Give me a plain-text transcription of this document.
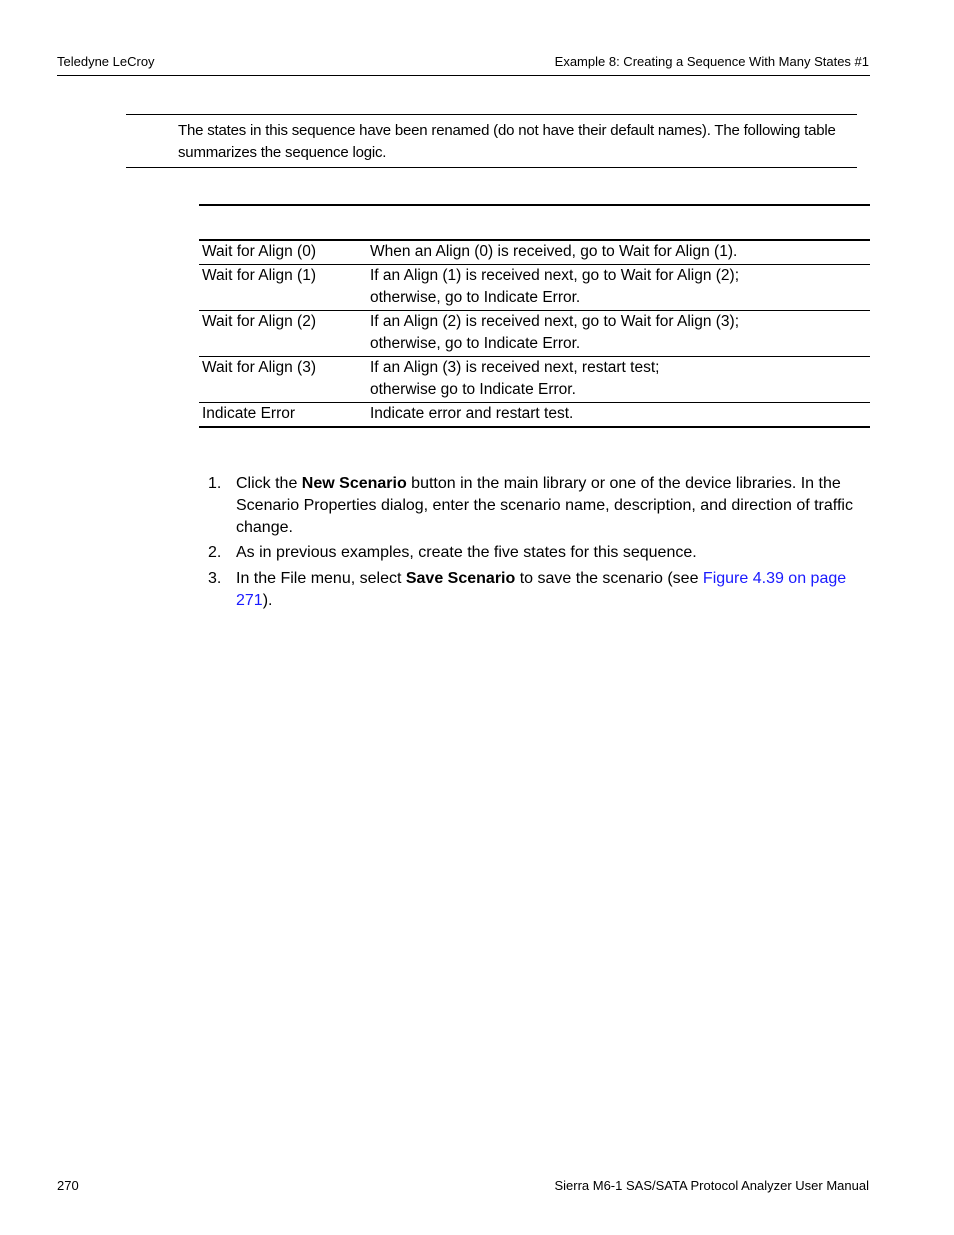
Teledyne LeCroy	Example 8: Creating a Sequence With Many States #1
The states in this sequence have been renamed (do not have their default names). The following table summarizes the sequence logic.

Wait for Align (0)	When an Align (0) is received, go to Wait for Align (1).
Wait for Align (1)	If an Align (1) is received next, go to Wait for Align (2);
otherwise, go to Indicate Error.
Wait for Align (2)	If an Align (2) is received next, go to Wait for Align (3);
otherwise, go to Indicate Error.
Wait for Align (3)	If an Align (3) is received next, restart test;
otherwise go to Indicate Error.
Indicate Error	Indicate error and restart test.
1. Click the New Scenario button in the main library or one of the device libraries. In the Scenario Properties dialog, enter the scenario name, description, and direction of traffic change.
2. As in previous examples, create the five states for this sequence.
3. In the File menu, select Save Scenario to save the scenario (see Figure 4.39 on page 271).
270	Sierra M6-1 SAS/SATA Protocol Analyzer User Manual
